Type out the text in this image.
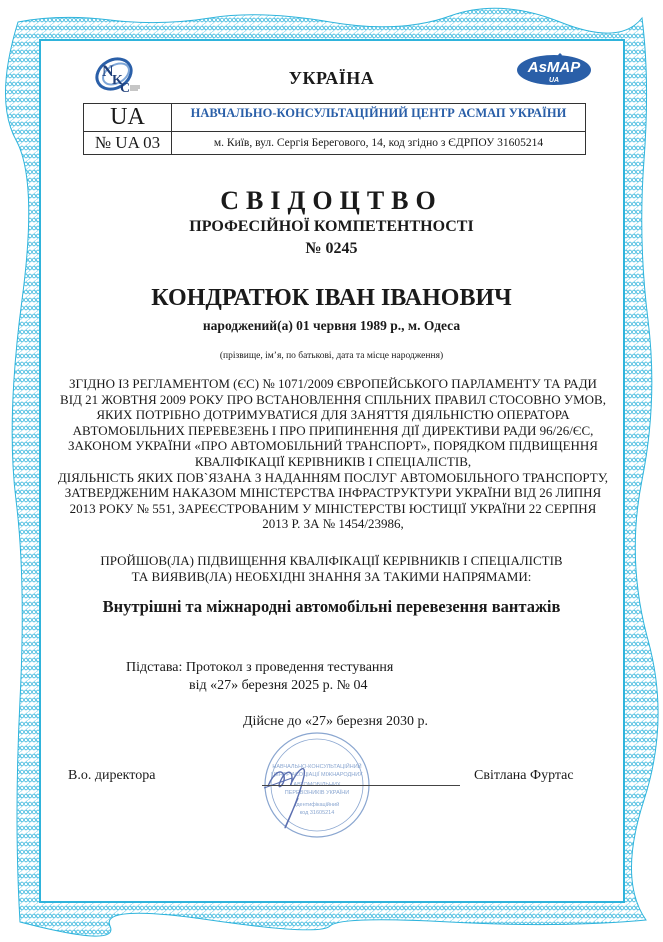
N
K
C
AsMAP
UA
УКРАЇНА
UA	НАВЧАЛЬНО-КОНСУЛЬТАЦІЙНИЙ ЦЕНТР АСМАП УКРАЇНИ
№ UA 03	м. Київ, вул. Сергія Берегового, 14, код згідно з ЄДРПОУ 31605214
СВІДОЦТВО
ПРОФЕСІЙНОЇ КОМПЕТЕНТНОСТІ
№ 0245
КОНДРАТЮК ІВАН ІВАНОВИЧ
народжений(а) 01 червня 1989 р., м. Одеса
(прізвище, ім’я, по батькові, дата та місце народження)
ЗГІДНО ІЗ РЕГЛАМЕНТОМ (ЄС) № 1071/2009 ЄВРОПЕЙСЬКОГО ПАРЛАМЕНТУ ТА РАДИ
ВІД 21 ЖОВТНЯ 2009 РОКУ ПРО ВСТАНОВЛЕННЯ СПІЛЬНИХ ПРАВИЛ СТОСОВНО УМОВ,
ЯКИХ ПОТРІБНО ДОТРИМУВАТИСЯ ДЛЯ ЗАНЯТТЯ ДІЯЛЬНІСТЮ ОПЕРАТОРА
АВТОМОБІЛЬНИХ ПЕРЕВЕЗЕНЬ І ПРО ПРИПИНЕННЯ ДІЇ ДИРЕКТИВИ РАДИ 96/26/ЄС,
ЗАКОНОМ УКРАЇНИ «ПРО АВТОМОБІЛЬНИЙ ТРАНСПОРТ», ПОРЯДКОМ ПІДВИЩЕННЯ
КВАЛІФІКАЦІЇ КЕРІВНИКІВ І СПЕЦІАЛІСТІВ,
ДІЯЛЬНІСТЬ ЯКИХ ПОВ`ЯЗАНА З НАДАННЯМ ПОСЛУГ АВТОМОБІЛЬНОГО ТРАНСПОРТУ,
ЗАТВЕРДЖЕНИМ НАКАЗОМ МІНІСТЕРСТВА ІНФРАСТРУКТУРИ УКРАЇНИ ВІД 26 ЛИПНЯ
2013 РОКУ № 551, ЗАРЕЄСТРОВАНИМ У МІНІСТЕРСТВІ ЮСТИЦІЇ УКРАЇНИ 22 СЕРПНЯ
2013 Р. ЗА № 1454/23986,
ПРОЙШОВ(ЛА) ПІДВИЩЕННЯ КВАЛІФІКАЦІЇ КЕРІВНИКІВ І СПЕЦІАЛІСТІВ
ТА ВИЯВИВ(ЛА) НЕОБХІДНІ ЗНАННЯ ЗА ТАКИМИ НАПРЯМАМИ:
Внутрішні та міжнародні автомобільні перевезення вантажів
Підстава: Протокол з проведення тестування
від «27» березня 2025 р. № 04
Дійсне до «27» березня 2030 р.
НАВЧАЛЬНО-КОНСУЛЬТАЦІЙНИЙ
ЦЕНТР АСОЦІАЦІЇ МІЖНАРОДНИХ
АВТОМОБІЛЬНИХ
ПЕРЕВІЗНИКІВ УКРАЇНИ
Ідентифікаційний
код 31605214
В.о. директора	Світлана Фуртас
